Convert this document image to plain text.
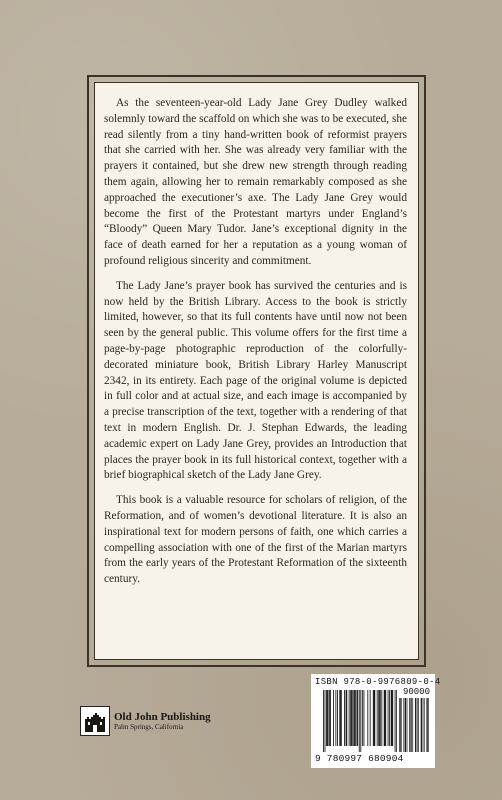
As the seventeen-year-old Lady Jane Grey Dudley walked solemnly toward the scaffold on which she was to be executed, she read silently from a tiny hand-written book of reformist prayers that she carried with her. She was already very familiar with the prayers it contained, but she drew new strength through reading them again, allowing her to remain remarkably composed as she approached the executioner’s axe. The Lady Jane Grey would become the first of the Protestant martyrs under England’s “Bloody” Queen Mary Tudor. Jane’s exceptional dignity in the face of death earned for her a reputation as a young woman of profound religious sincerity and commitment.

The Lady Jane’s prayer book has survived the centuries and is now held by the British Library. Access to the book is strictly limited, however, so that its full contents have until now not been seen by the general public. This volume offers for the first time a page-by-page photographic reproduction of the colorfully-decorated miniature book, British Library Harley Manuscript 2342, in its entirety. Each page of the original volume is depicted in full color and at actual size, and each image is accompanied by a precise transcription of the text, together with a rendering of that text in modern English. Dr. J. Stephan Edwards, the leading academic expert on Lady Jane Grey, provides an Introduction that places the prayer book in its full historical context, together with a brief biographical sketch of the Lady Jane Grey.

This book is a valuable resource for scholars of religion, of the Reformation, and of women’s devotional literature. It is also an inspirational text for modern persons of faith, one which carries a compelling association with one of the first of the Marian martyrs from the early years of the Protestant Reformation of the sixteenth century.

Old John Publishing
Palm Springs, California
ISBN 978-0-9976809-0-4
90000
9 780997 680904
